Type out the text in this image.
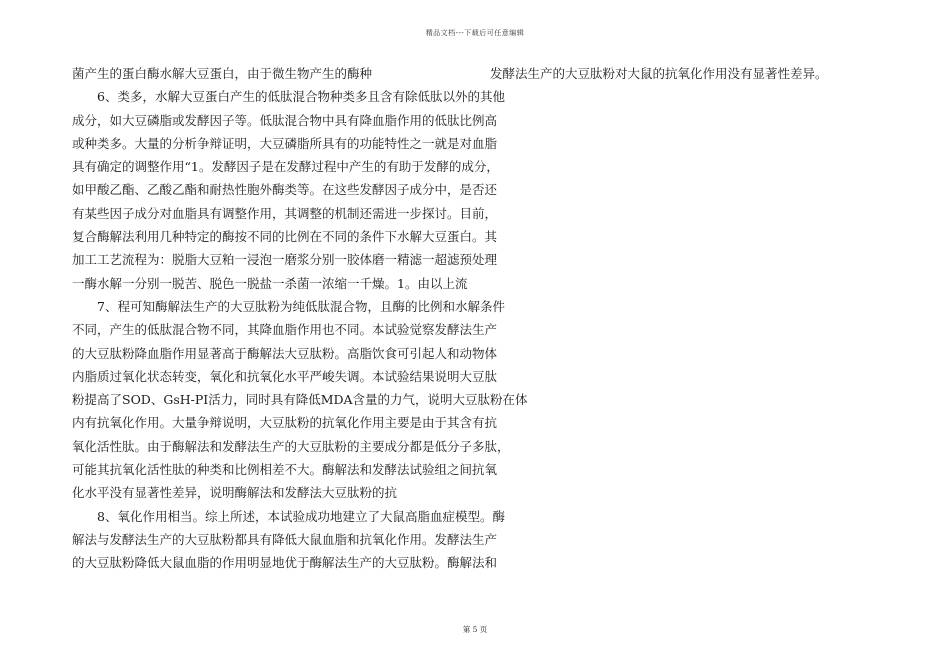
精品文档---下载后可任意编辑
菌产生的蛋白酶水解大豆蛋白，由于微生物产生的酶种
6、类多，水解大豆蛋白产生的低肽混合物种类多且含有除低肽以外的其他
成分，如大豆磷脂或发酵因子等。低肽混合物中具有降血脂作用的低肽比例高
或种类多。大量的分析争辩证明，大豆磷脂所具有的功能特性之一就是对血脂
具有确定的调整作用“1。发酵因子是在发酵过程中产生的有助于发酵的成分，
如甲酸乙酯、乙酸乙酯和耐热性胞外酶类等。在这些发酵因子成分中，是否还
有某些因子成分对血脂具有调整作用，其调整的机制还需进一步探讨。目前，
复合酶解法利用几种特定的酶按不同的比例在不同的条件下水解大豆蛋白。其
加工工艺流程为：脱脂大豆粕一浸泡一磨浆分别一胶体磨一精滤一超滤预处理
一酶水解一分别一脱苦、脱色一脱盐一杀菌一浓缩一千燥。1。由以上流
7、程可知酶解法生产的大豆肽粉为纯低肽混合物，且酶的比例和水解条件
不同，产生的低肽混合物不同，其降血脂作用也不同。本试验觉察发酵法生产
的大豆肽粉降血脂作用显著高于酶解法大豆肽粉。高脂饮食可引起人和动物体
内脂质过氧化状态转变，氧化和抗氧化水平严峻失调。本试验结果说明大豆肽
粉提高了SOD、GsH-PI活力，同时具有降低MDA含量的力气，说明大豆肽粉在体
内有抗氧化作用。大量争辩说明，大豆肽粉的抗氧化作用主要是由于其含有抗
氧化活性肽。由于酶解法和发酵法生产的大豆肽粉的主要成分都是低分子多肽，
可能其抗氧化活性肽的种类和比例相差不大。酶解法和发酵法试验组之间抗氧
化水平没有显著性差异，说明酶解法和发酵法大豆肽粉的抗
8、氧化作用相当。综上所述，本试验成功地建立了大鼠高脂血症模型。酶
解法与发酵法生产的大豆肽粉都具有降低大鼠血脂和抗氧化作用。发酵法生产
的大豆肽粉降低大鼠血脂的作用明显地优于酶解法生产的大豆肽粉。酶解法和
发酵法生产的大豆肽粉对大鼠的抗氧化作用没有显著性差异。
第 5 页
